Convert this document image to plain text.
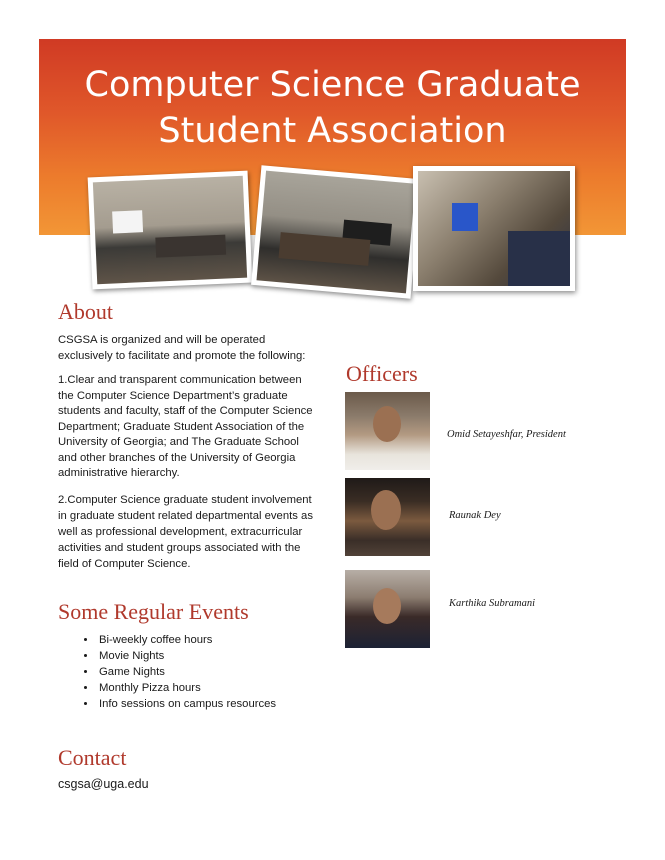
Computer Science Graduate
Student Association
About

CSGSA is organized and will be operated exclusively to facilitate and promote the following:

1.Clear and transparent communication between the Computer Science Department’s graduate students and faculty, staff of the Computer Science Department; Graduate Student Association of the University of Georgia; and The Graduate School and other branches of the University of Georgia administrative hierarchy.

2.Computer Science graduate student involvement in graduate student related departmental events as well as professional development, extracurricular activities and student groups associated with the field of Computer Science.

Some Regular Events
• Bi-weekly coffee hours
• Movie Nights
• Game Nights
• Monthly Pizza hours
• Info sessions on campus resources
Contact
csgsa@uga.edu
Officers
Omid Setayeshfar, President
Raunak Dey
Karthika Subramani
